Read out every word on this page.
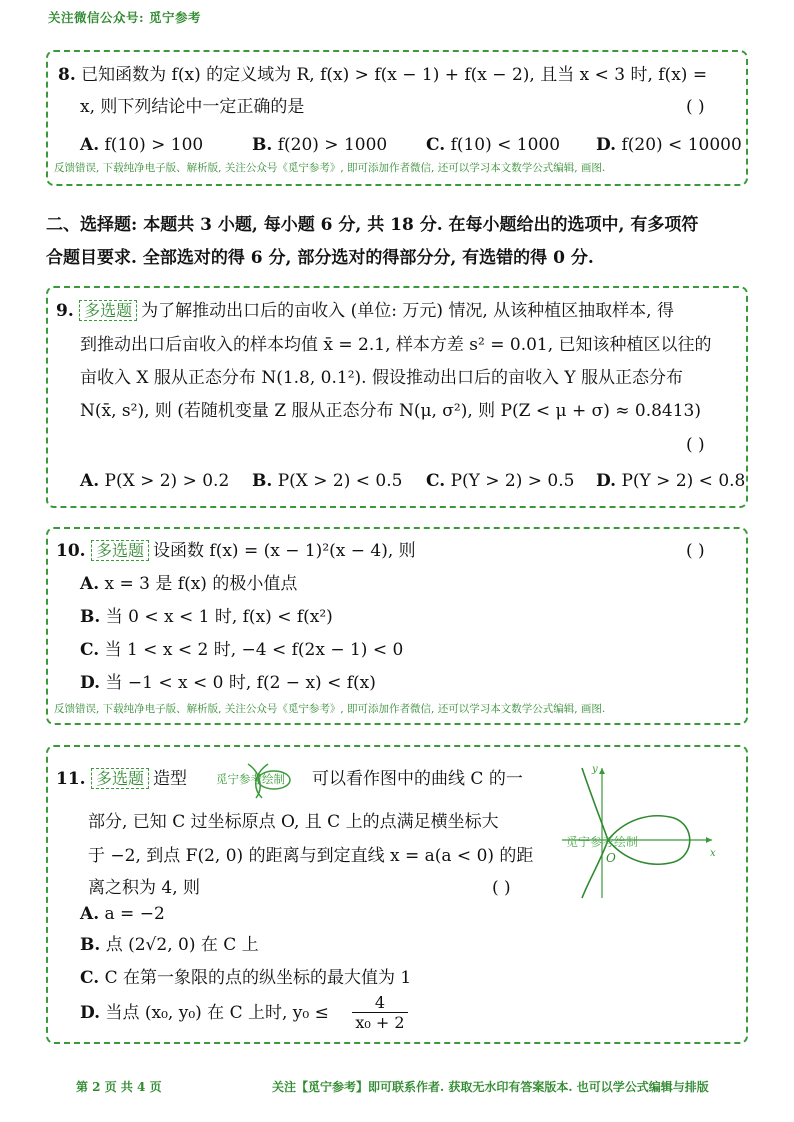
关注微信公众号: 觅宁参考
8. 已知函数为 f(x) 的定义域为 R, f(x) > f(x − 1) + f(x − 2), 且当 x < 3 时, f(x) =
x, 则下列结论中一定正确的是	( )
A. f(10) > 100	B. f(20) > 1000 C. f(10) < 1000 D. f(20) < 10000
反馈错误, 下载纯净电子版、解析版, 关注公众号《觅宁参考》, 即可添加作者微信, 还可以学习本文数学公式编辑, 画图.
二、选择题: 本题共 3 小题, 每小题 6 分, 共 18 分. 在每小题给出的选项中, 有多项符
合题目要求. 全部选对的得 6 分, 部分选对的得部分分, 有选错的得 0 分.
9. 多选题 为了解推动出口后的亩收入 (单位: 万元) 情况, 从该种植区抽取样本, 得
到推动出口后亩收入的样本均值 x̄ = 2.1, 样本方差 s² = 0.01, 已知该种植区以往的
亩收入 X 服从正态分布 N(1.8, 0.1²). 假设推动出口后的亩收入 Y 服从正态分布
N(x̄, s²), 则 (若随机变量 Z 服从正态分布 N(μ, σ²), 则 P(Z < μ + σ) ≈ 0.8413)
( )
A. P(X > 2) > 0.2 B. P(X > 2) < 0.5 C. P(Y > 2) > 0.5 D. P(Y > 2) < 0.8
10. 多选题 设函数 f(x) = (x − 1)²(x − 4), 则	( )
A. x = 3 是 f(x) 的极小值点
B. 当 0 < x < 1 时, f(x) < f(x²)
C. 当 1 < x < 2 时, −4 < f(2x − 1) < 0
D. 当 −1 < x < 0 时, f(2 − x) < f(x)
反馈错误, 下载纯净电子版、解析版, 关注公众号《觅宁参考》, 即可添加作者微信, 还可以学习本文数学公式编辑, 画图.
11. 多选题 造型	觅宁参考绘制 可以看作图中的曲线 C 的一
部分, 已知 C 过坐标原点 O, 且 C 上的点满足横坐标大
于 −2, 到点 F(2, 0) 的距离与到定直线 x = a(a < 0) 的距
离之积为 4, 则	( )
A. a = −2
B. 点 (2√2, 0) 在 C 上
C. C 在第一象限的点的纵坐标的最大值为 1
D. 当点 (x₀, y₀) 在 C 上时, $y_0 \le \frac{4}{\text{x₀ + 2}}$
y
x
O
觅宁参考绘制
第 2 页 共 4 页	关注【觅宁参考】即可联系作者. 获取无水印有答案版本. 也可以学公式编辑与排版
